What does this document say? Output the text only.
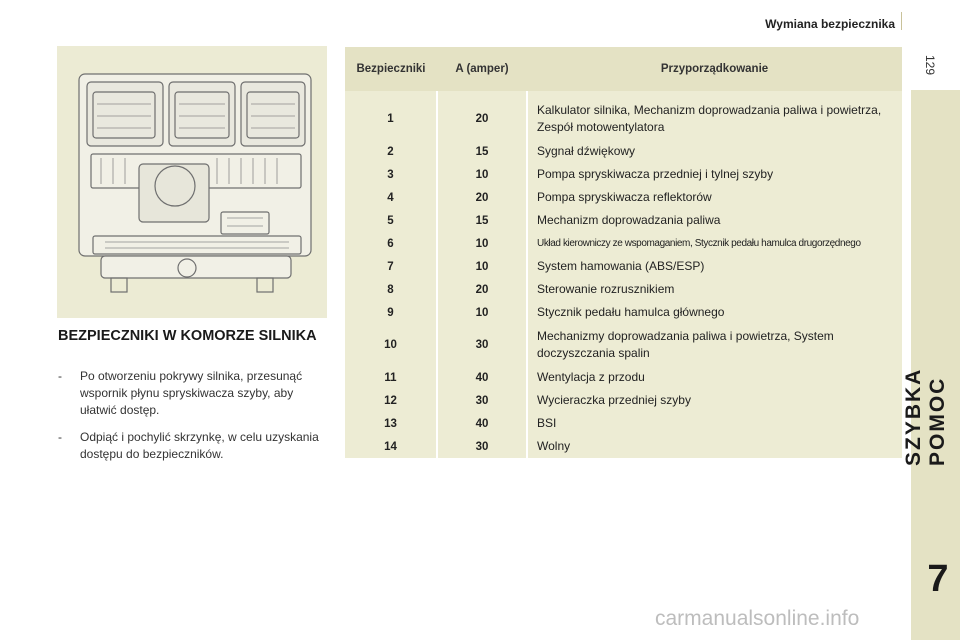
Wymiana bezpiecznika
129
SZYBKA POMOC
7
BEZPIECZNIKI W KOMORZE SILNIKA
- Po otworzeniu pokrywy silnika, przesunąć wspornik płynu spryskiwacza szyby, aby ułatwić dostęp.
- Odpiąć i pochylić skrzynkę, w celu uzyskania dostępu do bezpieczników.
Bezpieczniki	A (amper)	Przyporządkowanie

1	20	Kalkulator silnika, Mechanizm doprowadzania paliwa i powietrza, Zespół motowentylatora
2	15	Sygnał dźwiękowy
3	10	Pompa spryskiwacza przedniej i tylnej szyby
4	20	Pompa spryskiwacza reflektorów
5	15	Mechanizm doprowadzania paliwa
6	10	Układ kierowniczy ze wspomaganiem, Stycznik pedału hamulca drugorzędnego
7	10	System hamowania (ABS/ESP)
8	20	Sterowanie rozrusznikiem
9	10	Stycznik pedału hamulca głównego
10	30	Mechanizmy doprowadzania paliwa i powietrza, System doczyszczania spalin
11	40	Wentylacja z przodu
12	30	Wycieraczka przedniej szyby
13	40	BSI
14	30	Wolny
carmanualsonline.info
